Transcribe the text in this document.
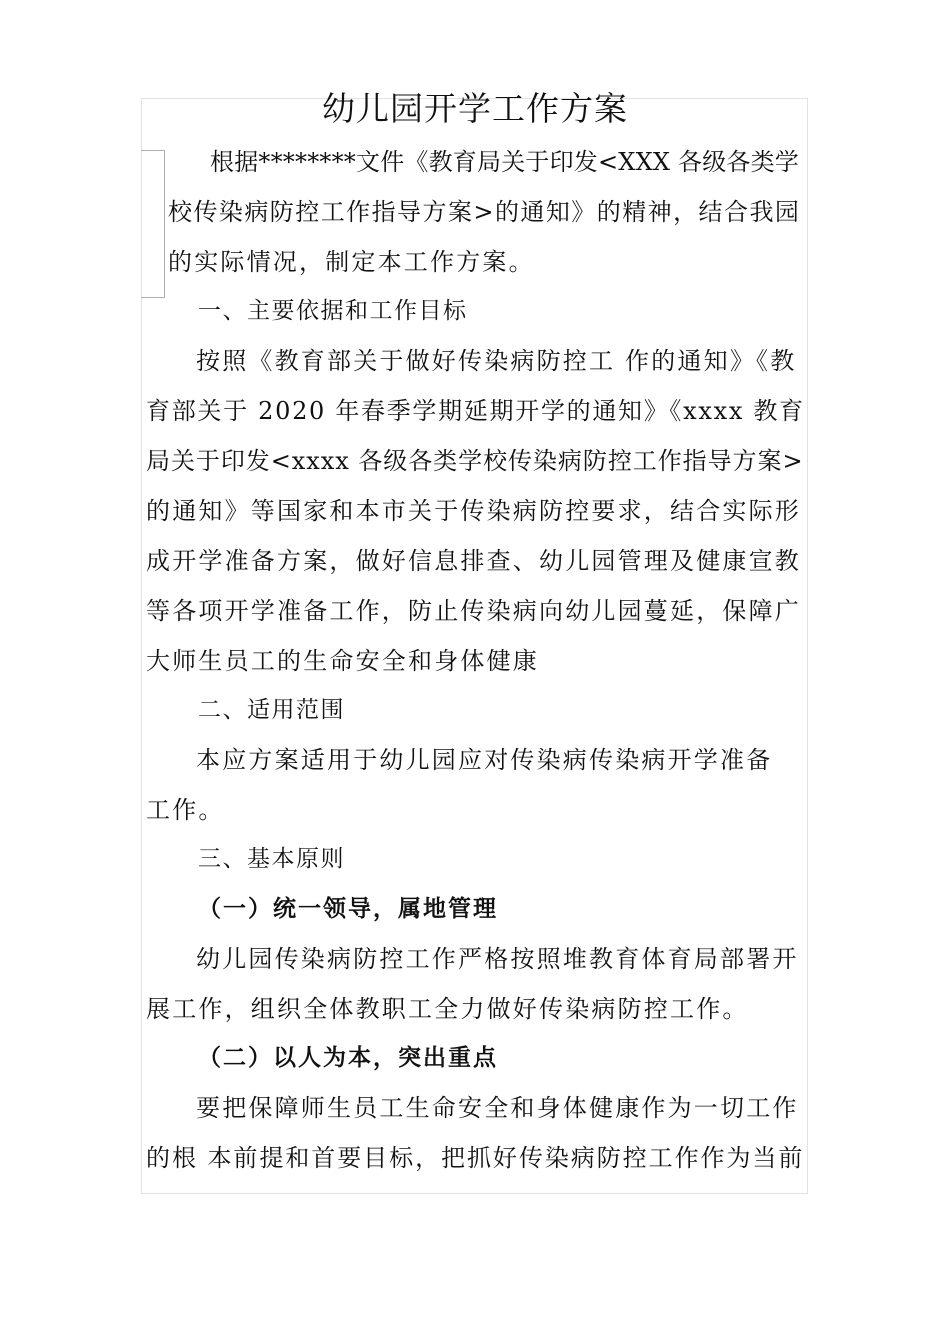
幼儿园开学工作方案
根据********文件《教育局关于印发<XXX 各级各类学
校传染病防控工作指导方案>的通知》的精神，结合我园
的实际情况，制定本工作方案。
一、主要依据和工作目标
按照《教育部关于做好传染病防控工 作的通知》《教
育部关于 2020 年春季学期延期开学的通知》《xxxx 教育
局关于印发<xxxx 各级各类学校传染病防控工作指导方案>
的通知》等国家和本市关于传染病防控要求，结合实际形
成开学准备方案，做好信息排查、幼儿园管理及健康宣教
等各项开学准备工作，防止传染病向幼儿园蔓延，保障广
大师生员工的生命安全和身体健康
二、适用范围
本应方案适用于幼儿园应对传染病传染病开学准备
工作。
三、基本原则
（一）统一领导，属地管理
幼儿园传染病防控工作严格按照堆教育体育局部署开
展工作，组织全体教职工全力做好传染病防控工作。
（二）以人为本，突出重点
要把保障师生员工生命安全和身体健康作为一切工作
的根 本前提和首要目标，把抓好传染病防控工作作为当前
